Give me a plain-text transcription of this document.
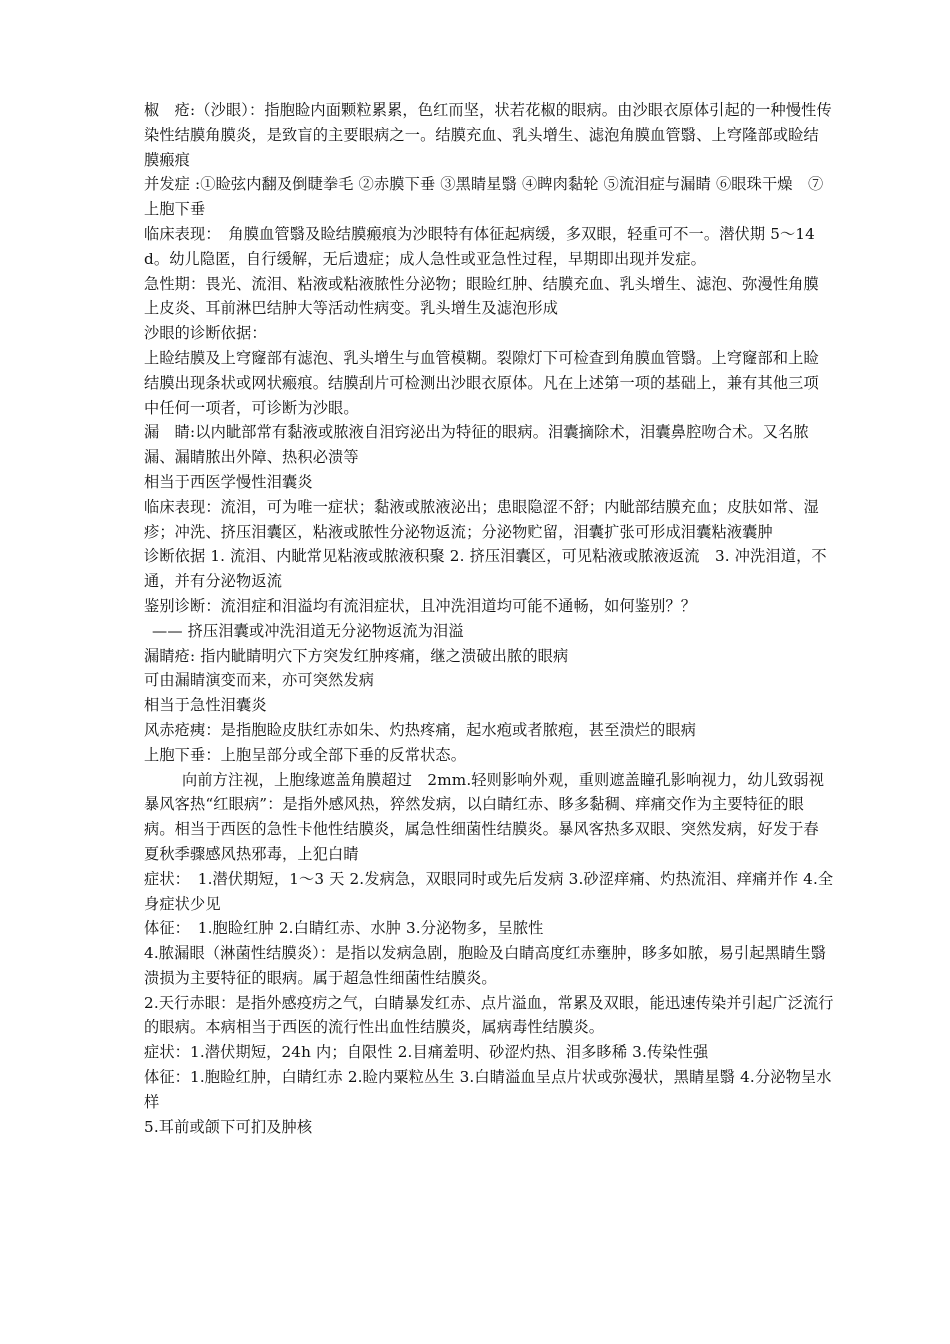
椒　疮:（沙眼）：指胞睑内面颗粒累累，色红而坚，状若花椒的眼病。由沙眼衣原体引起的一种慢性传染性结膜角膜炎，是致盲的主要眼病之一。结膜充血、乳头增生、滤泡角膜血管翳、上穹隆部或睑结膜瘢痕

并发症 :①睑弦内翻及倒睫拳毛 ②赤膜下垂 ③黑睛星翳 ④睥肉黏轮 ⑤流泪症与漏睛 ⑥眼珠干燥　⑦上胞下垂

临床表现：　角膜血管翳及睑结膜瘢痕为沙眼特有体征起病缓，多双眼，轻重可不一。潜伏期 5～14d。幼儿隐匿，自行缓解，无后遗症；成人急性或亚急性过程，早期即出现并发症。

急性期：畏光、流泪、粘液或粘液脓性分泌物；眼睑红肿、结膜充血、乳头增生、滤泡、弥漫性角膜上皮炎、耳前淋巴结肿大等活动性病变。乳头增生及滤泡形成

沙眼的诊断依据：

上睑结膜及上穹窿部有滤泡、乳头增生与血管模糊。裂隙灯下可检查到角膜血管翳。上穹窿部和上睑结膜出现条状或网状瘢痕。结膜刮片可检测出沙眼衣原体。凡在上述第一项的基础上，兼有其他三项中任何一项者，可诊断为沙眼。

漏　睛:以内眦部常有黏液或脓液自泪窍泌出为特征的眼病。泪囊摘除术，泪囊鼻腔吻合术。又名脓漏、漏睛脓出外障、热积必溃等

相当于西医学慢性泪囊炎

临床表现：流泪，可为唯一症状；黏液或脓液泌出；患眼隐涩不舒；内眦部结膜充血；皮肤如常、湿疹；冲洗、挤压泪囊区，粘液或脓性分泌物返流；分泌物贮留，泪囊扩张可形成泪囊粘液囊肿

诊断依据 1. 流泪、内眦常见粘液或脓液积聚 2. 挤压泪囊区，可见粘液或脓液返流　3. 冲洗泪道，不通，并有分泌物返流

鉴别诊断：流泪症和泪溢均有流泪症状，且冲洗泪道均可能不通畅，如何鉴别？？

—— 挤压泪囊或冲洗泪道无分泌物返流为泪溢

漏睛疮: 指内眦睛明穴下方突发红肿疼痛，继之溃破出脓的眼病

可由漏睛演变而来，亦可突然发病

相当于急性泪囊炎

风赤疮痍：是指胞睑皮肤红赤如朱、灼热疼痛，起水疱或者脓疱，甚至溃烂的眼病

上胞下垂：上胞呈部分或全部下垂的反常状态。

向前方注视，上胞缘遮盖角膜超过　2mm.轻则影响外观，重则遮盖瞳孔影响视力，幼儿致弱视

暴风客热“红眼病”：是指外感风热，猝然发病，以白睛红赤、眵多黏稠、痒痛交作为主要特征的眼病。相当于西医的急性卡他性结膜炎，属急性细菌性结膜炎。暴风客热多双眼、突然发病，好发于春夏秋季骤感风热邪毒，上犯白睛

症状：　1.潜伏期短，1～3 天 2.发病急，双眼同时或先后发病 3.砂涩痒痛、灼热流泪、痒痛并作 4.全身症状少见

体征：　1.胞睑红肿 2.白睛红赤、水肿 3.分泌物多，呈脓性

4.脓漏眼（淋菌性结膜炎）：是指以发病急剧，胞睑及白睛高度红赤壅肿，眵多如脓，易引起黑睛生翳溃损为主要特征的眼病。属于超急性细菌性结膜炎。

2.天行赤眼：是指外感疫疠之气，白睛暴发红赤、点片溢血，常累及双眼，能迅速传染并引起广泛流行的眼病。本病相当于西医的流行性出血性结膜炎，属病毒性结膜炎。

症状：1.潜伏期短，24h 内；自限性 2.目痛羞明、砂涩灼热、泪多眵稀 3.传染性强

体征：1.胞睑红肿，白睛红赤 2.睑内粟粒丛生 3.白睛溢血呈点片状或弥漫状，黑睛星翳 4.分泌物呈水样

5.耳前或颌下可扪及肿核
